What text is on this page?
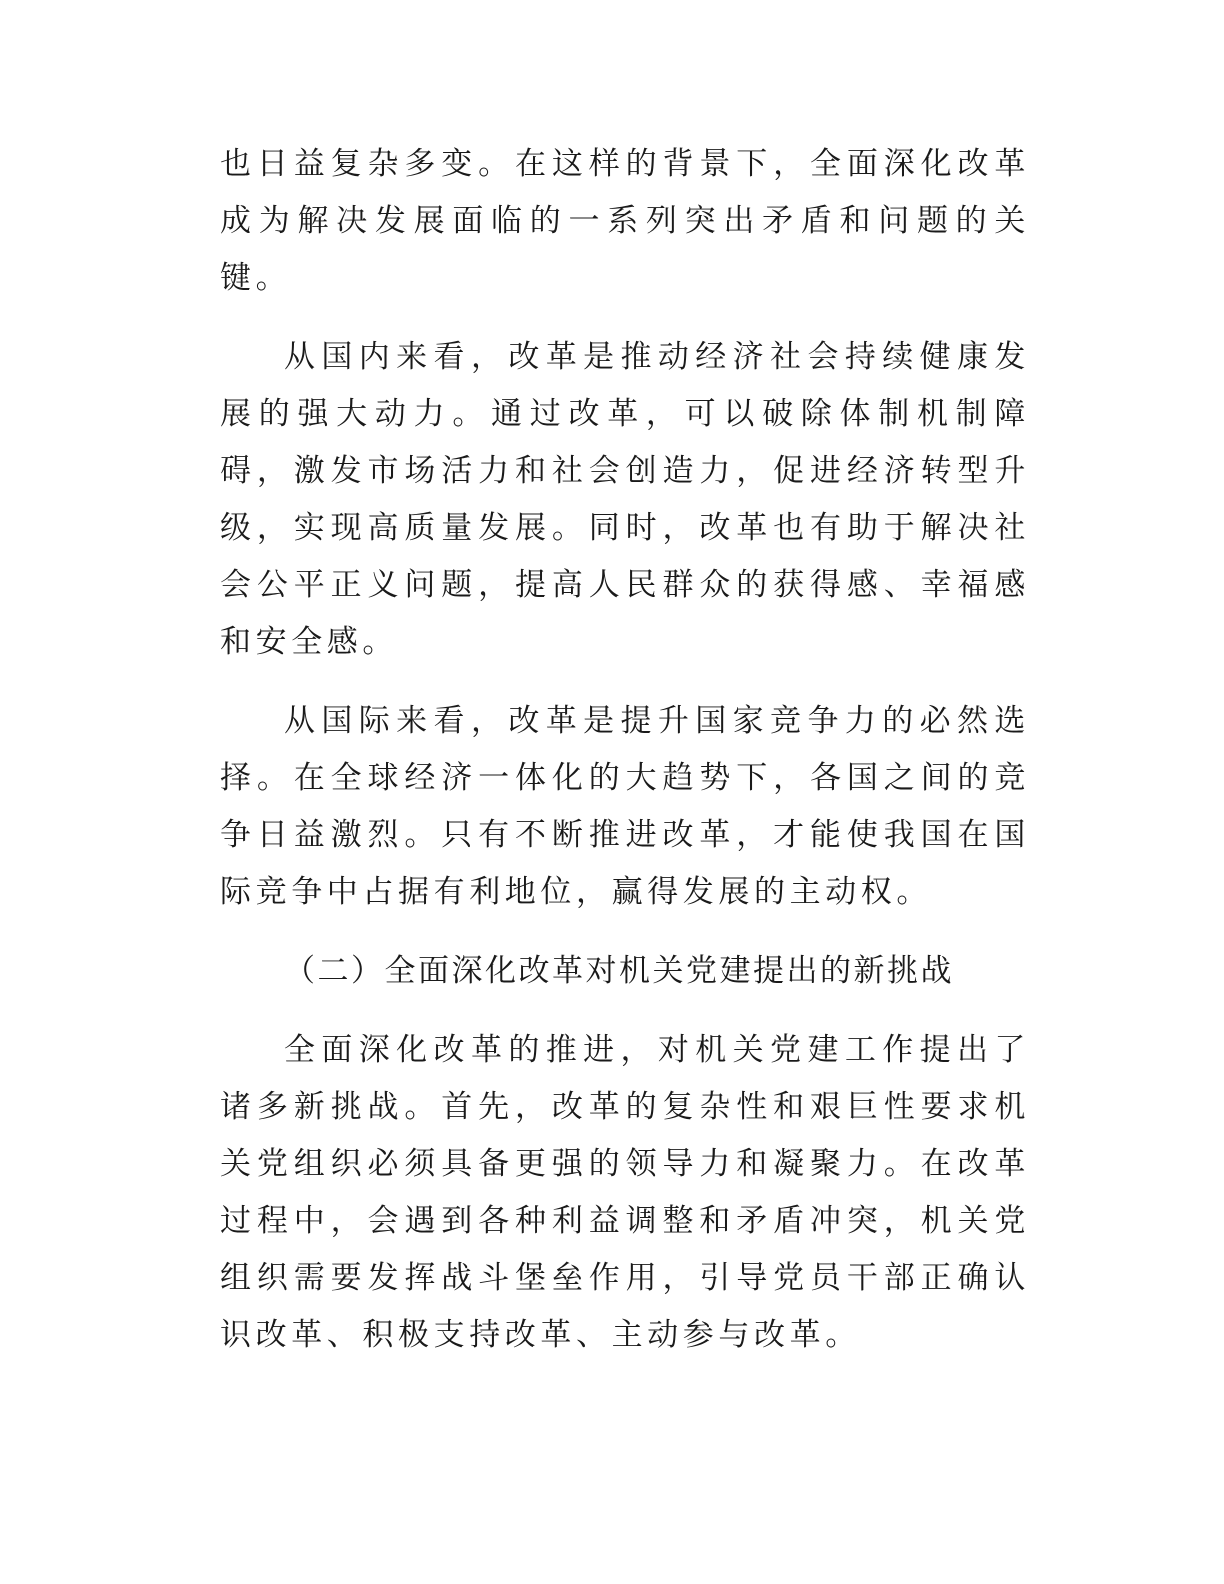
也日益复杂多变。在这样的背景下，全面深化改革成为解决发展面临的一系列突出矛盾和问题的关键。

从国内来看，改革是推动经济社会持续健康发展的强大动力。通过改革，可以破除体制机制障碍，激发市场活力和社会创造力，促进经济转型升级，实现高质量发展。同时，改革也有助于解决社会公平正义问题，提高人民群众的获得感、幸福感和安全感。

从国际来看，改革是提升国家竞争力的必然选择。在全球经济一体化的大趋势下，各国之间的竞争日益激烈。只有不断推进改革，才能使我国在国际竞争中占据有利地位，赢得发展的主动权。

（二）全面深化改革对机关党建提出的新挑战

全面深化改革的推进，对机关党建工作提出了诸多新挑战。首先，改革的复杂性和艰巨性要求机关党组织必须具备更强的领导力和凝聚力。在改革过程中，会遇到各种利益调整和矛盾冲突，机关党组织需要发挥战斗堡垒作用，引导党员干部正确认识改革、积极支持改革、主动参与改革。
